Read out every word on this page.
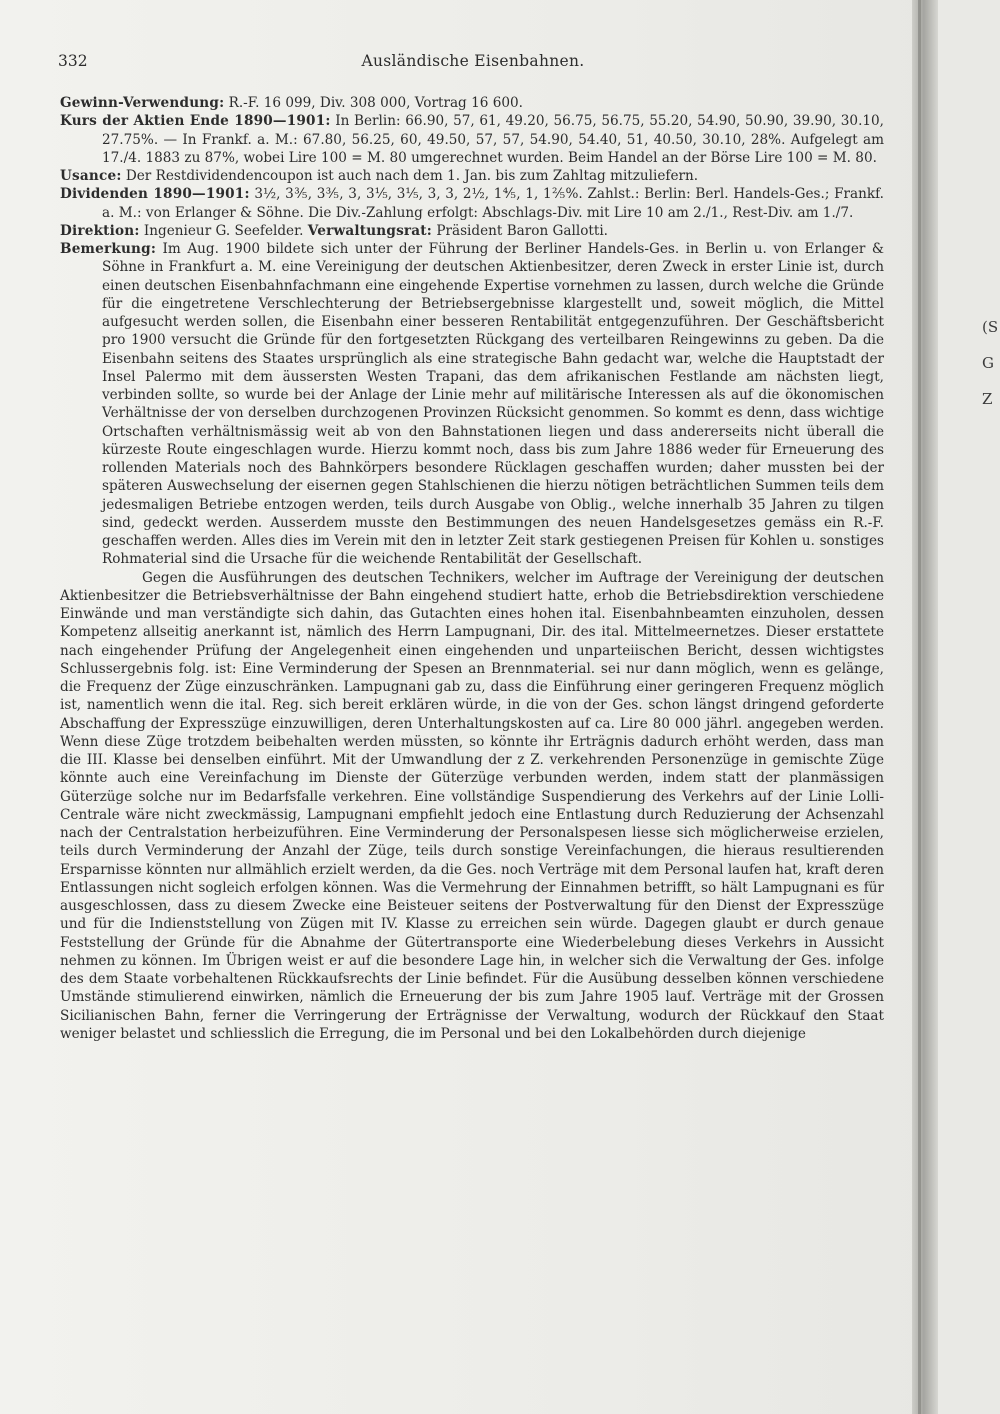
(S
G
Z
332	Ausländische Eisenbahnen.

Gewinn-Verwendung: R.-F. 16 099, Div. 308 000, Vortrag 16 600.

Kurs der Aktien Ende 1890—1901: In Berlin: 66.90, 57, 61, 49.20, 56.75, 56.75, 55.20, 54.90, 50.90, 39.90, 30.10, 27.75%. — In Frankf. a. M.: 67.80, 56.25, 60, 49.50, 57, 57, 54.90, 54.40, 51, 40.50, 30.10, 28%. Aufgelegt am 17./4. 1883 zu 87%, wobei Lire 100 = M. 80 umgerechnet wurden. Beim Handel an der Börse Lire 100 = M. 80.

Usance: Der Restdividendencoupon ist auch nach dem 1. Jan. bis zum Zahltag mitzuliefern.

Dividenden 1890—1901: 3½, 3⅗, 3⅗, 3, 3⅕, 3⅕, 3, 3, 2½, 1⅘, 1, 1⅖%. Zahlst.: Berlin: Berl. Handels-Ges.; Frankf. a. M.: von Erlanger & Söhne. Die Div.-Zahlung erfolgt: Abschlags-Div. mit Lire 10 am 2./1., Rest-Div. am 1./7.

Direktion: Ingenieur G. Seefelder. Verwaltungsrat: Präsident Baron Gallotti.

Bemerkung: Im Aug. 1900 bildete sich unter der Führung der Berliner Handels-Ges. in Berlin u. von Erlanger & Söhne in Frankfurt a. M. eine Vereinigung der deutschen Aktienbesitzer, deren Zweck in erster Linie ist, durch einen deutschen Eisenbahnfachmann eine eingehende Expertise vornehmen zu lassen, durch welche die Gründe für die eingetretene Verschlechterung der Betriebsergebnisse klargestellt und, soweit möglich, die Mittel aufgesucht werden sollen, die Eisenbahn einer besseren Rentabilität entgegenzuführen. Der Geschäftsbericht pro 1900 versucht die Gründe für den fortgesetzten Rückgang des verteilbaren Reingewinns zu geben. Da die Eisenbahn seitens des Staates ursprünglich als eine strategische Bahn gedacht war, welche die Hauptstadt der Insel Palermo mit dem äussersten Westen Trapani, das dem afrikanischen Festlande am nächsten liegt, verbinden sollte, so wurde bei der Anlage der Linie mehr auf militärische Interessen als auf die ökonomischen Verhältnisse der von derselben durchzogenen Provinzen Rücksicht genommen. So kommt es denn, dass wichtige Ortschaften verhältnismässig weit ab von den Bahnstationen liegen und dass andererseits nicht überall die kürzeste Route eingeschlagen wurde. Hierzu kommt noch, dass bis zum Jahre 1886 weder für Erneuerung des rollenden Materials noch des Bahnkörpers besondere Rücklagen geschaffen wurden; daher mussten bei der späteren Auswechselung der eisernen gegen Stahlschienen die hierzu nötigen beträchtlichen Summen teils dem jedesmaligen Betriebe entzogen werden, teils durch Ausgabe von Oblig., welche innerhalb 35 Jahren zu tilgen sind, gedeckt werden. Ausserdem musste den Bestimmungen des neuen Handelsgesetzes gemäss ein R.-F. geschaffen werden. Alles dies im Verein mit den in letzter Zeit stark gestiegenen Preisen für Kohlen u. sonstiges Rohmaterial sind die Ursache für die weichende Rentabilität der Gesellschaft.

Gegen die Ausführungen des deutschen Technikers, welcher im Auftrage der Vereinigung der deutschen Aktienbesitzer die Betriebsverhältnisse der Bahn eingehend studiert hatte, erhob die Betriebsdirektion verschiedene Einwände und man verständigte sich dahin, das Gutachten eines hohen ital. Eisenbahnbeamten einzuholen, dessen Kompetenz allseitig anerkannt ist, nämlich des Herrn Lampugnani, Dir. des ital. Mittelmeernetzes. Dieser erstattete nach eingehender Prüfung der Angelegenheit einen eingehenden und unparteiischen Bericht, dessen wichtigstes Schlussergebnis folg. ist: Eine Verminderung der Spesen an Brennmaterial. sei nur dann möglich, wenn es gelänge, die Frequenz der Züge einzuschränken. Lampugnani gab zu, dass die Einführung einer geringeren Frequenz möglich ist, namentlich wenn die ital. Reg. sich bereit erklären würde, in die von der Ges. schon längst dringend geforderte Abschaffung der Expresszüge einzuwilligen, deren Unterhaltungskosten auf ca. Lire 80 000 jährl. angegeben werden. Wenn diese Züge trotzdem beibehalten werden müssten, so könnte ihr Erträgnis dadurch erhöht werden, dass man die III. Klasse bei denselben einführt. Mit der Umwandlung der z Z. verkehrenden Personenzüge in gemischte Züge könnte auch eine Vereinfachung im Dienste der Güterzüge verbunden werden, indem statt der planmässigen Güterzüge solche nur im Bedarfsfalle verkehren. Eine vollständige Suspendierung des Verkehrs auf der Linie Lolli-Centrale wäre nicht zweckmässig, Lampugnani empfiehlt jedoch eine Entlastung durch Reduzierung der Achsenzahl nach der Centralstation herbeizuführen. Eine Verminderung der Personalspesen liesse sich möglicherweise erzielen, teils durch Verminderung der Anzahl der Züge, teils durch sonstige Vereinfachungen, die hieraus resultierenden Ersparnisse könnten nur allmählich erzielt werden, da die Ges. noch Verträge mit dem Personal laufen hat, kraft deren Entlassungen nicht sogleich erfolgen können. Was die Vermehrung der Einnahmen betrifft, so hält Lampugnani es für ausgeschlossen, dass zu diesem Zwecke eine Beisteuer seitens der Postverwaltung für den Dienst der Expresszüge und für die Indienststellung von Zügen mit IV. Klasse zu erreichen sein würde. Dagegen glaubt er durch genaue Feststellung der Gründe für die Abnahme der Gütertransporte eine Wiederbelebung dieses Verkehrs in Aussicht nehmen zu können. Im Übrigen weist er auf die besondere Lage hin, in welcher sich die Verwaltung der Ges. infolge des dem Staate vorbehaltenen Rückkaufsrechts der Linie befindet. Für die Ausübung desselben können verschiedene Umstände stimulierend einwirken, nämlich die Erneuerung der bis zum Jahre 1905 lauf. Verträge mit der Grossen Sicilianischen Bahn, ferner die Verringerung der Erträgnisse der Verwaltung, wodurch der Rückkauf den Staat weniger belastet und schliesslich die Erregung, die im Personal und bei den Lokalbehörden durch diejenige
